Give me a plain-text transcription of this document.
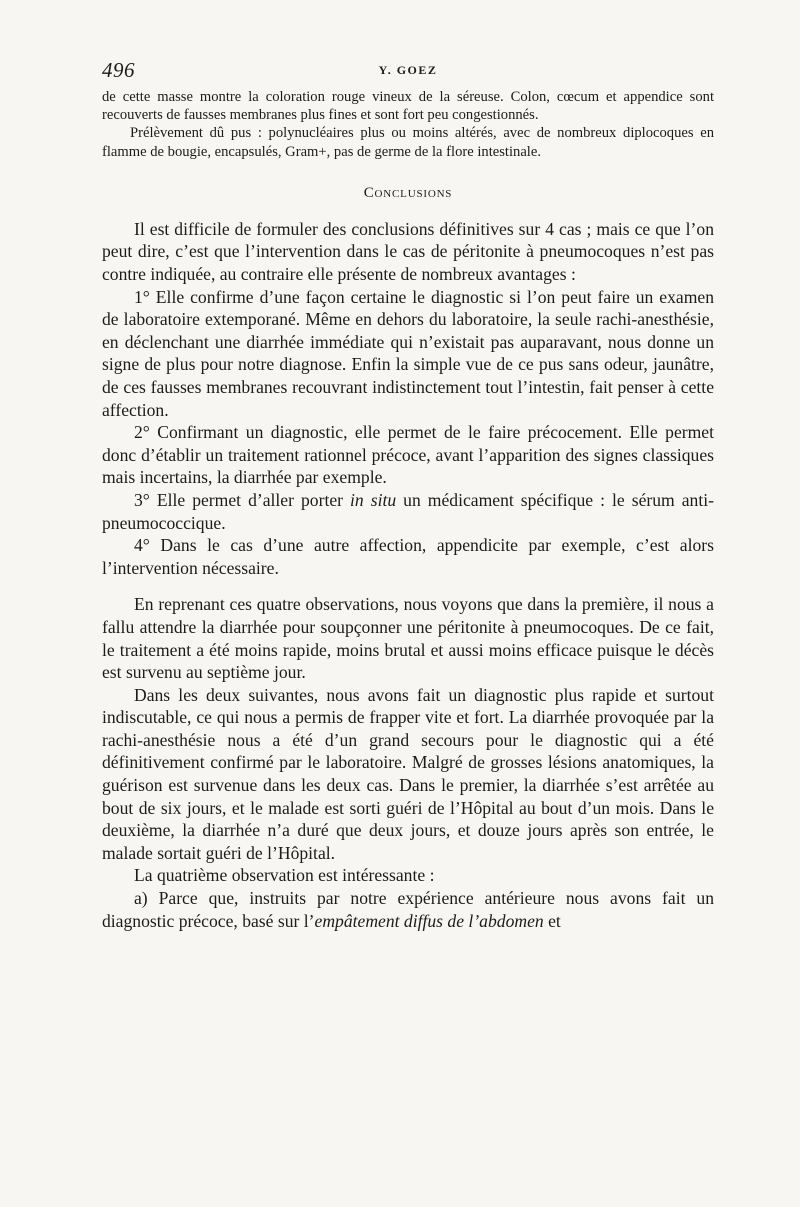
496	Y. GOEZ

de cette masse montre la coloration rouge vineux de la séreuse. Colon, cœcum et appendice sont recouverts de fausses membranes plus fines et sont fort peu congestionnés.

Prélèvement dû pus : polynucléaires plus ou moins altérés, avec de nombreux diplocoques en flamme de bougie, encapsulés, Gram+, pas de germe de la flore intestinale.

Conclusions

Il est difficile de formuler des conclusions définitives sur 4 cas ; mais ce que l’on peut dire, c’est que l’intervention dans le cas de péritonite à pneumocoques n’est pas contre indiquée, au contraire elle présente de nombreux avantages :

1° Elle confirme d’une façon certaine le diagnostic si l’on peut faire un examen de laboratoire extemporané. Même en dehors du laboratoire, la seule rachi-anesthésie, en déclenchant une diarrhée immédiate qui n’existait pas auparavant, nous donne un signe de plus pour notre diagnose. Enfin la simple vue de ce pus sans odeur, jaunâtre, de ces fausses membranes recouvrant indistinctement tout l’intestin, fait penser à cette affection.

2° Confirmant un diagnostic, elle permet de le faire précocement. Elle permet donc d’établir un traitement rationnel précoce, avant l’apparition des signes classiques mais incertains, la diarrhée par exemple.

3° Elle permet d’aller porter in situ un médicament spécifique : le sérum anti-pneumococcique.

4° Dans le cas d’une autre affection, appendicite par exemple, c’est alors l’intervention nécessaire.

En reprenant ces quatre observations, nous voyons que dans la première, il nous a fallu attendre la diarrhée pour soupçonner une péritonite à pneumocoques. De ce fait, le traitement a été moins rapide, moins brutal et aussi moins efficace puisque le décès est survenu au septième jour.

Dans les deux suivantes, nous avons fait un diagnostic plus rapide et surtout indiscutable, ce qui nous a permis de frapper vite et fort. La diarrhée provoquée par la rachi-anesthésie nous a été d’un grand secours pour le diagnostic qui a été définitivement confirmé par le laboratoire. Malgré de grosses lésions anatomiques, la guérison est survenue dans les deux cas. Dans le premier, la diarrhée s’est arrêtée au bout de six jours, et le malade est sorti guéri de l’Hôpital au bout d’un mois. Dans le deuxième, la diarrhée n’a duré que deux jours, et douze jours après son entrée, le malade sortait guéri de l’Hôpital.

La quatrième observation est intéressante :

a) Parce que, instruits par notre expérience antérieure nous avons fait un diagnostic précoce, basé sur l’empâtement diffus de l’abdomen et
